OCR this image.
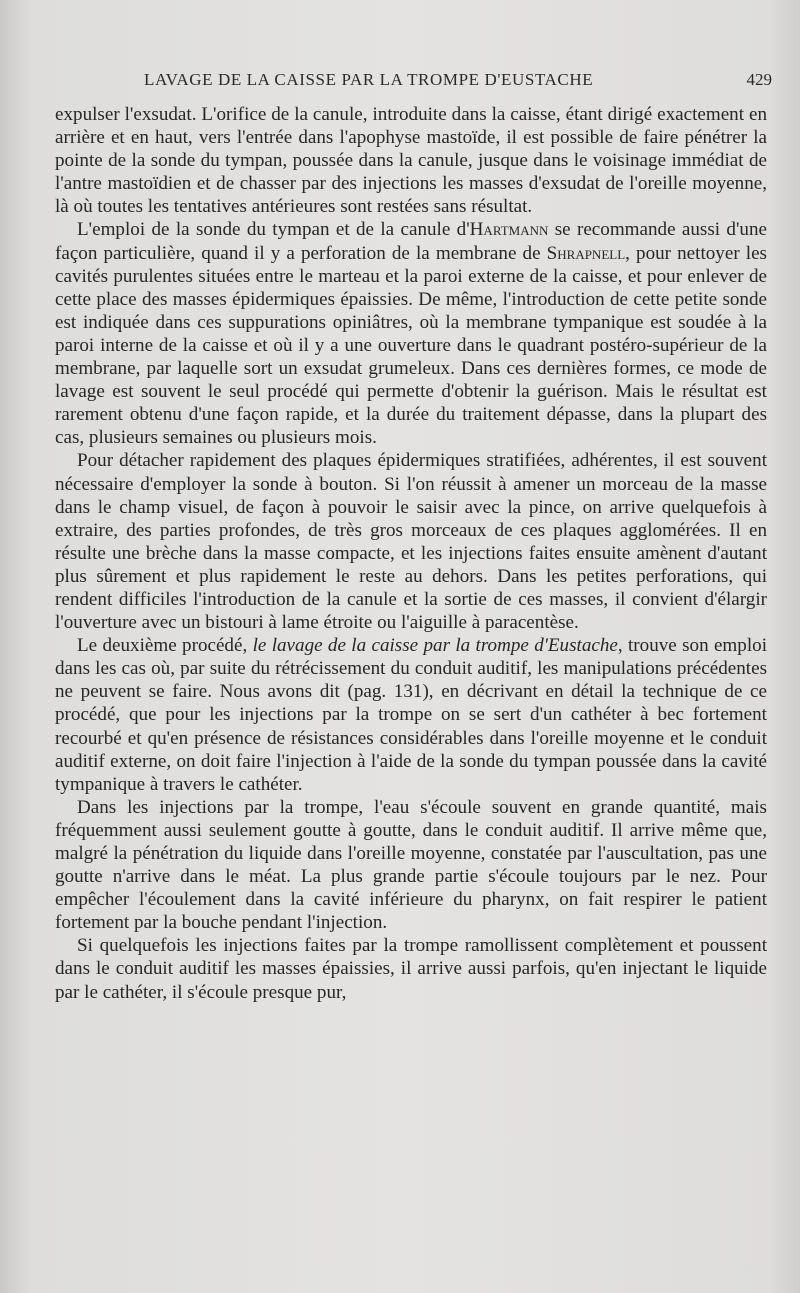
LAVAGE DE LA CAISSE PAR LA TROMPE D'EUSTACHE	429

expulser l'exsudat. L'orifice de la canule, introduite dans la caisse, étant dirigé exactement en arrière et en haut, vers l'entrée dans l'apophyse mastoïde, il est possible de faire pénétrer la pointe de la sonde du tympan, poussée dans la canule, jusque dans le voisinage immédiat de l'antre mastoïdien et de chasser par des injections les masses d'exsudat de l'oreille moyenne, là où toutes les tentatives antérieures sont restées sans résultat.

L'emploi de la sonde du tympan et de la canule d'Hartmann se recommande aussi d'une façon particulière, quand il y a perforation de la membrane de Shrapnell, pour nettoyer les cavités purulentes situées entre le marteau et la paroi externe de la caisse, et pour enlever de cette place des masses épidermiques épaissies. De même, l'introduction de cette petite sonde est indiquée dans ces suppurations opiniâtres, où la membrane tympanique est soudée à la paroi interne de la caisse et où il y a une ouverture dans le quadrant postéro-supérieur de la membrane, par laquelle sort un exsudat grumeleux. Dans ces dernières formes, ce mode de lavage est souvent le seul procédé qui permette d'obtenir la guérison. Mais le résultat est rarement obtenu d'une façon rapide, et la durée du traitement dépasse, dans la plupart des cas, plusieurs semaines ou plusieurs mois.

Pour détacher rapidement des plaques épidermiques stratifiées, adhérentes, il est souvent nécessaire d'employer la sonde à bouton. Si l'on réussit à amener un morceau de la masse dans le champ visuel, de façon à pouvoir le saisir avec la pince, on arrive quelquefois à extraire, des parties profondes, de très gros morceaux de ces plaques agglomérées. Il en résulte une brèche dans la masse compacte, et les injections faites ensuite amènent d'autant plus sûrement et plus rapidement le reste au dehors. Dans les petites perforations, qui rendent difficiles l'introduction de la canule et la sortie de ces masses, il convient d'élargir l'ouverture avec un bistouri à lame étroite ou l'aiguille à paracentèse.

Le deuxième procédé, le lavage de la caisse par la trompe d'Eustache, trouve son emploi dans les cas où, par suite du rétrécissement du conduit auditif, les manipulations précédentes ne peuvent se faire. Nous avons dit (pag. 131), en décrivant en détail la technique de ce procédé, que pour les injections par la trompe on se sert d'un cathéter à bec fortement recourbé et qu'en présence de résistances considérables dans l'oreille moyenne et le conduit auditif externe, on doit faire l'injection à l'aide de la sonde du tympan poussée dans la cavité tympanique à travers le cathéter.

Dans les injections par la trompe, l'eau s'écoule souvent en grande quantité, mais fréquemment aussi seulement goutte à goutte, dans le conduit auditif. Il arrive même que, malgré la pénétration du liquide dans l'oreille moyenne, constatée par l'auscultation, pas une goutte n'arrive dans le méat. La plus grande partie s'écoule toujours par le nez. Pour empêcher l'écoulement dans la cavité inférieure du pharynx, on fait respirer le patient fortement par la bouche pendant l'injection.

Si quelquefois les injections faites par la trompe ramollissent complètement et poussent dans le conduit auditif les masses épaissies, il arrive aussi parfois, qu'en injectant le liquide par le cathéter, il s'écoule presque pur,
